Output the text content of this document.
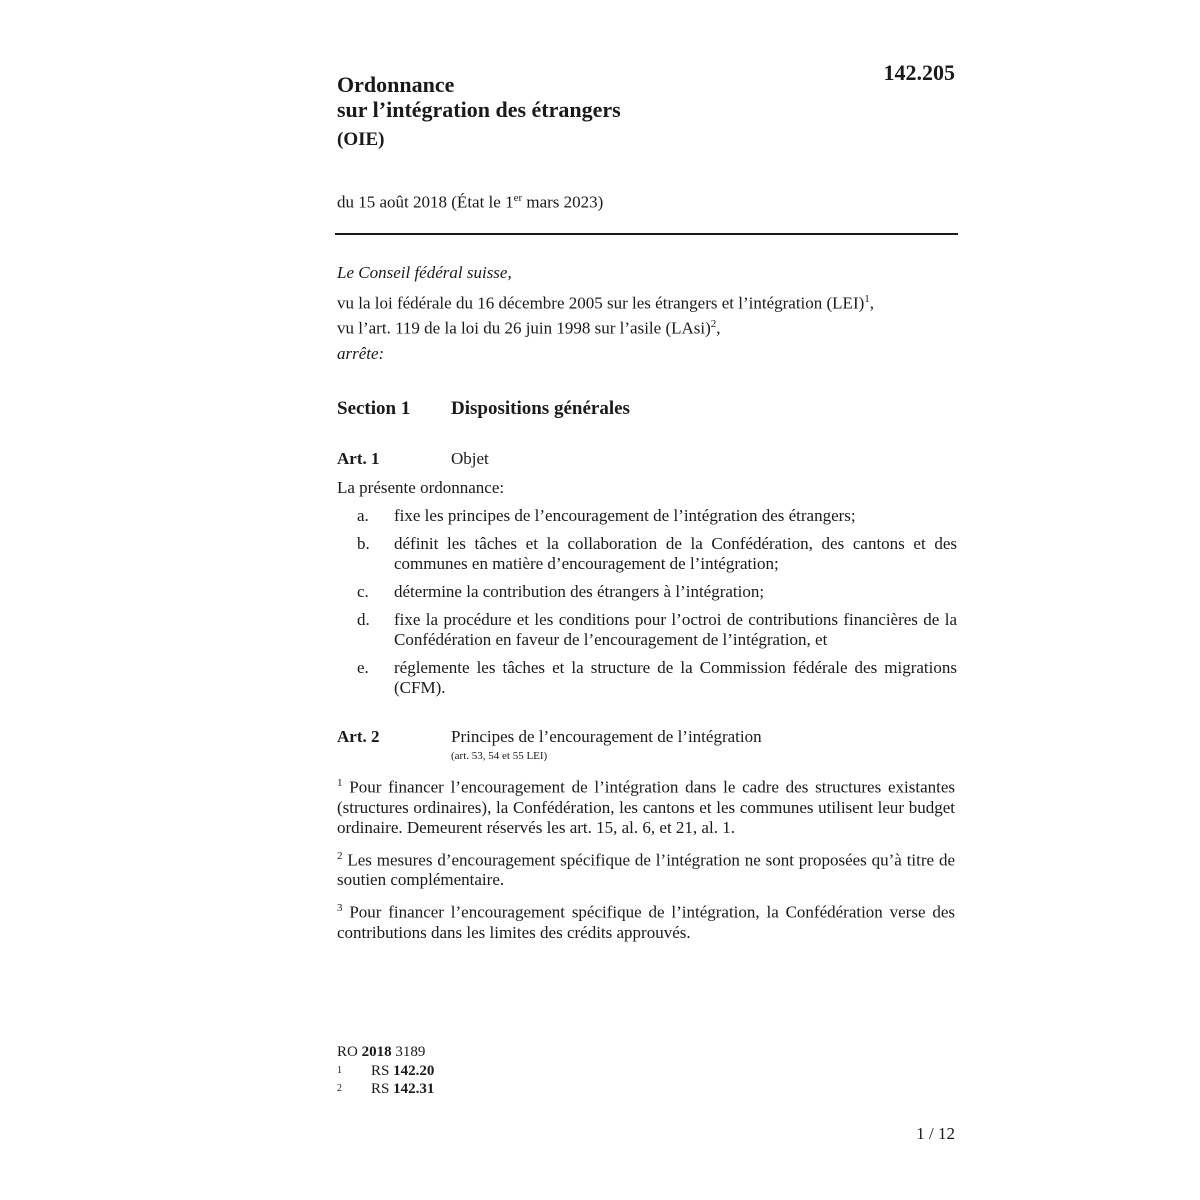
Ordonnance
sur l’intégration des étrangers
(OIE)
142.205
du 15 août 2018 (État le 1er mars 2023)
Le Conseil fédéral suisse,
vu la loi fédérale du 16 décembre 2005 sur les étrangers et l’intégration (LEI)$^1$,
vu l’art. 119 de la loi du 26 juin 1998 sur l’asile (LAsi)$^2$,
arrête:
Section 1 Dispositions générales
Art. 1	Objet
La présente ordonnance:
a.	fixe les principes de l’encouragement de l’intégration des étrangers;
b.	définit les tâches et la collaboration de la Confédération, des cantons et des communes en matière d’encouragement de l’intégration;
c.	détermine la contribution des étrangers à l’intégration;
d.	fixe la procédure et les conditions pour l’octroi de contributions financières de la Confédération en faveur de l’encouragement de l’intégration, et
e.	réglemente les tâches et la structure de la Commission fédérale des migrations (CFM).
Art. 2	Principes de l’encouragement de l’intégration
(art. 53, 54 et 55 LEI)

$^1$ Pour financer l’encouragement de l’intégration dans le cadre des structures existantes (structures ordinaires), la Confédération, les cantons et les communes utilisent leur budget ordinaire. Demeurent réservés les art. 15, al. 6, et 21, al. 1.

$^2$ Les mesures d’encouragement spécifique de l’intégration ne sont proposées qu’à titre de soutien complémentaire.

$^3$ Pour financer l’encouragement spécifique de l’intégration, la Confédération verse des contributions dans les limites des crédits approuvés.

RO 2018 3189
1 RS 142.20
2 RS 142.31
1 / 12
